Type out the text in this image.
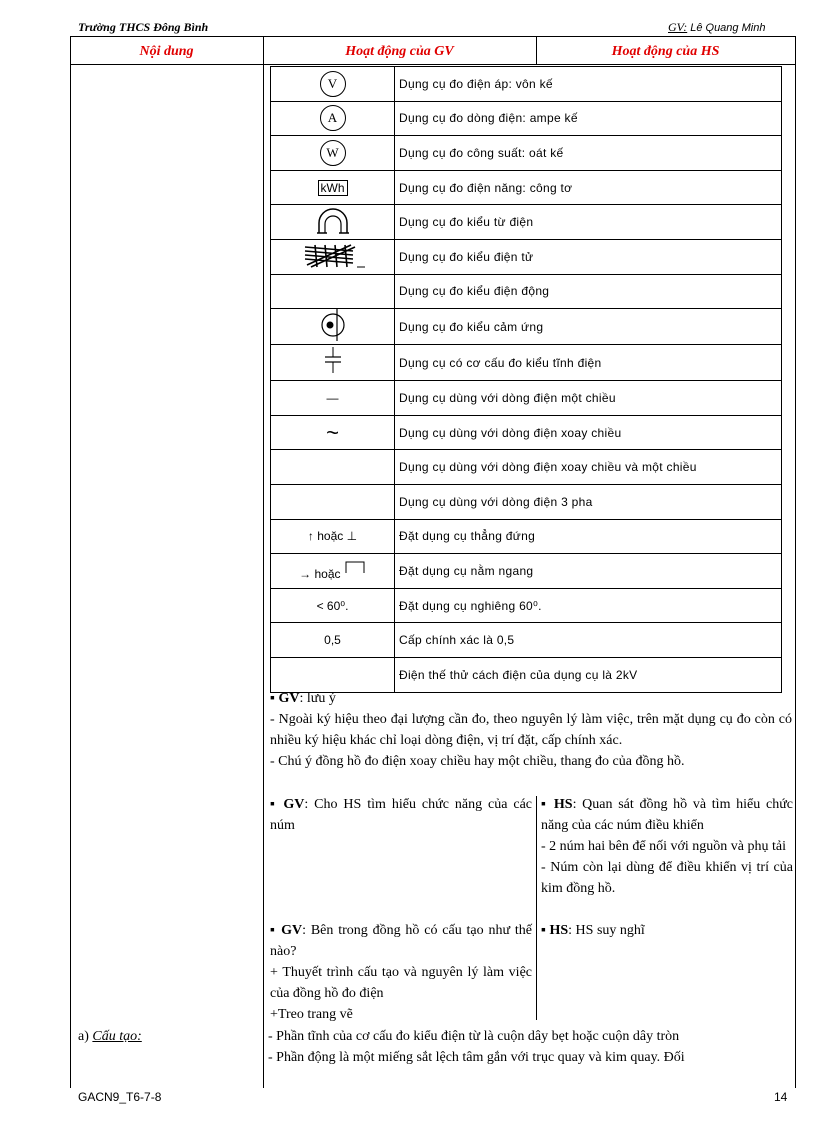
Trường THCS Đông Bình	GV: Lê Quang Minh
Nội dung	Hoạt động của GV	Hoạt động của HS
V	Dụng cụ đo điện áp: vôn kế
A	Dụng cụ đo dòng điện: ampe kế
W	Dụng cụ đo công suất: oát kế
kWh	Dụng cụ đo điện năng: công tơ
	Dụng cụ đo kiểu từ điện
	Dụng cụ đo kiểu điện tử
	Dụng cụ đo kiểu điện động
	Dụng cụ đo kiểu cảm ứng
	Dụng cụ có cơ cấu đo kiểu tĩnh điện
—	Dụng cụ dùng với dòng điện một chiều
~	Dụng cụ dùng với dòng điện xoay chiều
	Dụng cụ dùng với dòng điện xoay chiều và một chiều
	Dụng cụ dùng với dòng điện 3 pha
↑ hoặc ⊥	Đặt dụng cụ thẳng đứng
→ hoặc	Đặt dụng cụ nằm ngang
< 60⁰.	Đặt dụng cụ nghiêng 60⁰.
0,5	Cấp chính xác là 0,5
	Điện thế thử cách điện của dụng cụ là 2kV
▪ GV: lưu ý
- Ngoài ký hiệu theo đại lượng cần đo, theo nguyên lý làm việc, trên mặt dụng cụ đo còn có nhiều ký hiệu khác chỉ loại dòng điện, vị trí đặt, cấp chính xác.
- Chú ý đồng hồ đo điện xoay chiều hay một chiều, thang đo của đồng hồ.
▪ GV: Cho HS tìm hiểu chức năng của các núm
▪ HS: Quan sát đồng hồ và tìm hiểu chức năng của các núm điều khiển
- 2 núm hai bên để nối với nguồn và phụ tải
- Núm còn lại dùng để điều khiển vị trí của kim đồng hồ.
▪ GV: Bên trong đồng hồ có cấu tạo như thế nào?
+ Thuyết trình cấu tạo và nguyên lý làm việc của đồng hồ đo điện
+Treo trang vẽ
▪ HS: HS suy nghĩ
a) Cấu tạo:	- Phần tĩnh của cơ cấu đo kiểu điện từ là cuộn dây bẹt hoặc cuộn dây tròn
- Phần động là một miếng sắt lệch tâm gắn với trục quay và kim quay. Đối
GACN9_T6-7-8	14
